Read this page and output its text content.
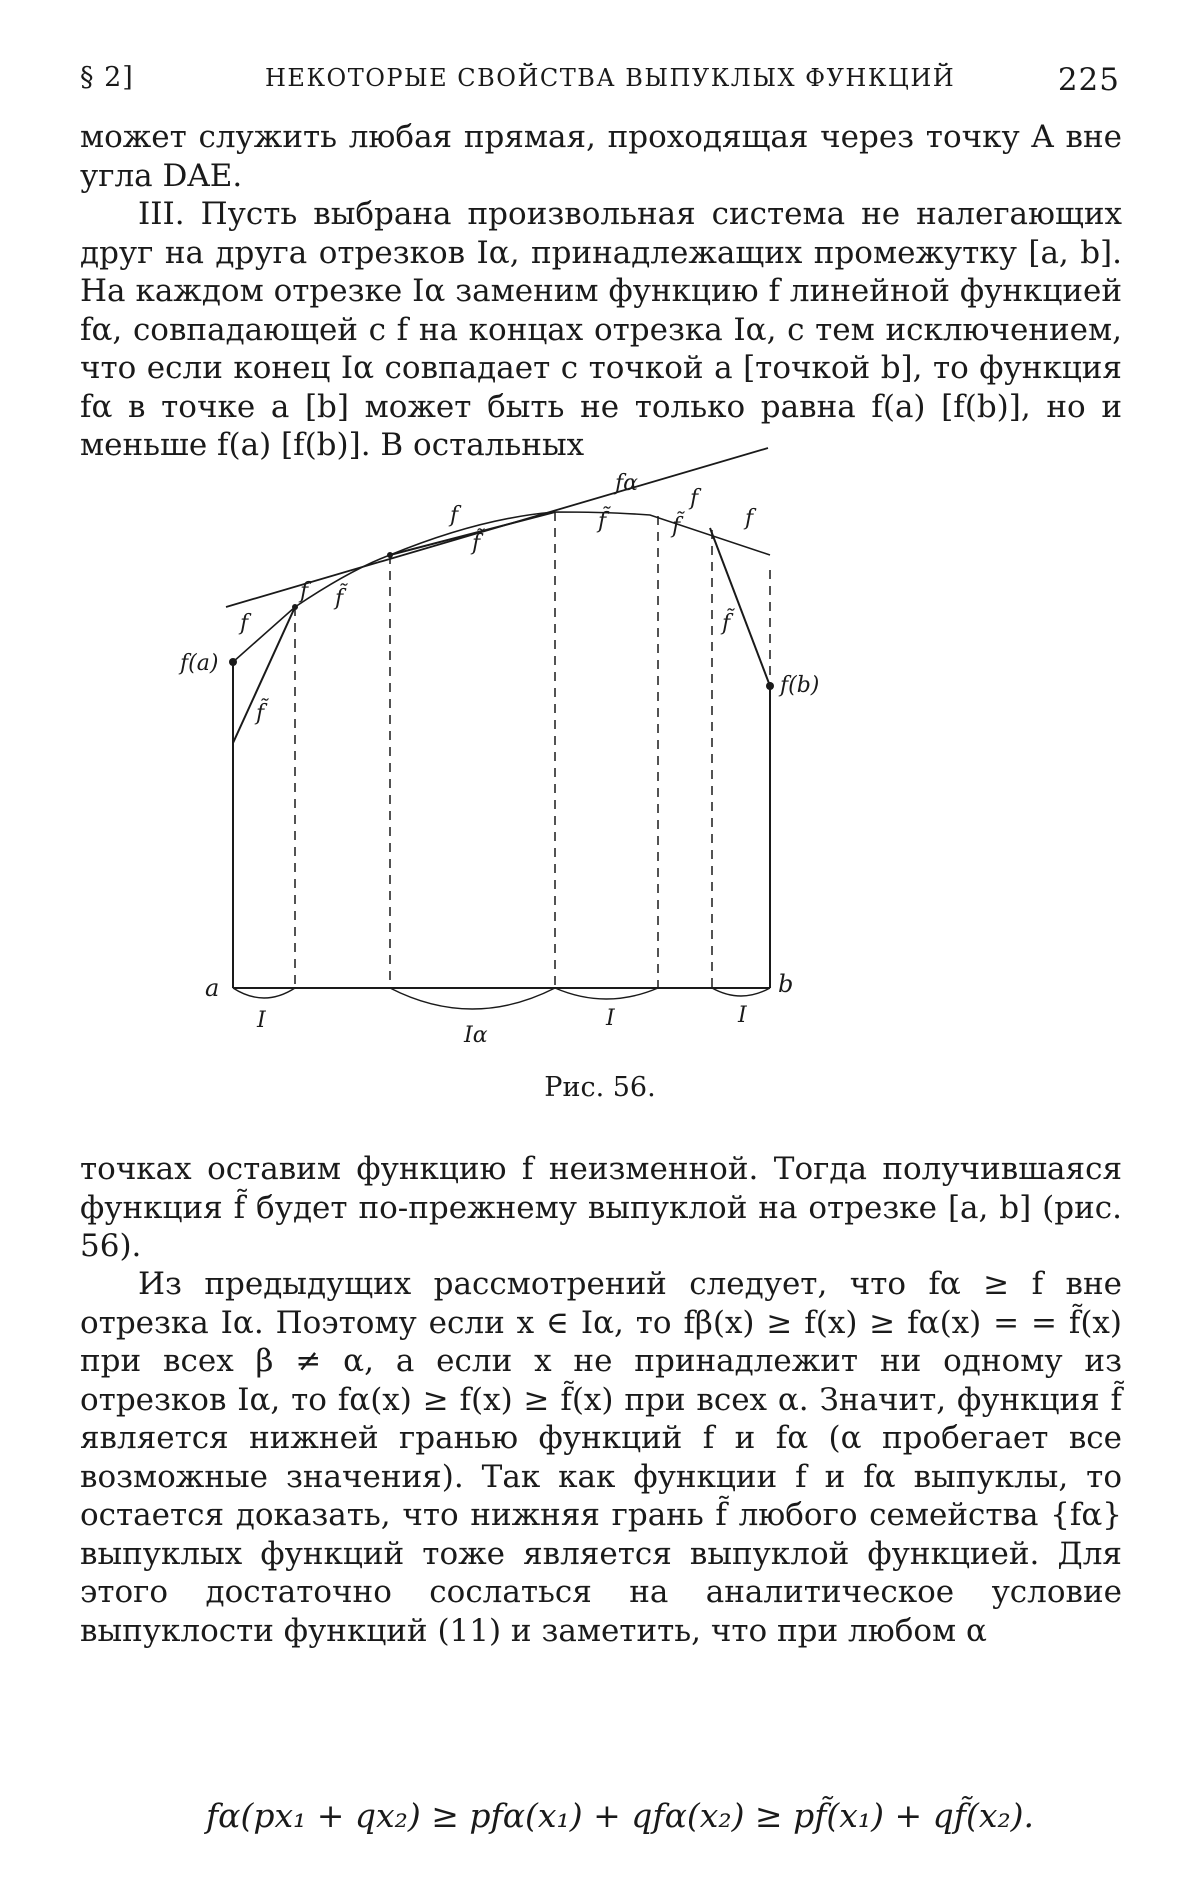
§ 2]	НЕКОТОРЫЕ СВОЙСТВА ВЫПУКЛЫХ ФУНКЦИЙ	225

может служить любая прямая, проходящая через точку A вне угла DAE.

III. Пусть выбрана произвольная система не налегающих друг на друга отрезков Iα, принадлежащих промежутку [a, b]. На каждом отрезке Iα заменим функцию f линейной функцией fα, совпадающей с f на концах отрезка Iα, с тем исключением, что если конец Iα совпадает с точкой a [точкой b], то функция fα в точке a [b] может быть не только равна f(a) [f(b)], но и меньше f(a) [f(b)]. В остальных

f(a)
f(b)
a	b
fα
f
f
f
f
f
f̃
f̃
f̃
f̃	f̃
f̃
I
Iα
I	I
Рис. 56.

точках оставим функцию f неизменной. Тогда получившаяся функция f̃ будет по-прежнему выпуклой на отрезке [a, b] (рис. 56).

Из предыдущих рассмотрений следует, что fα ≥ f вне отрезка Iα. Поэтому если x ∈ Iα, то fβ(x) ≥ f(x) ≥ fα(x) = = f̃(x) при всех β ≠ α, а если x не принадлежит ни одному из отрезков Iα, то fα(x) ≥ f(x) ≥ f̃(x) при всех α. Значит, функция f̃ является нижней гранью функций f и fα (α пробегает все возможные значения). Так как функции f и fα выпуклы, то остается доказать, что нижняя грань f̃ любого семейства {fα} выпуклых функций тоже является выпуклой функцией. Для этого достаточно сослаться на аналитическое условие выпуклости функций (11) и заметить, что при любом α

fα(px₁ + qx₂) ≥ pfα(x₁) + qfα(x₂) ≥ pf̃(x₁) + qf̃(x₂).
